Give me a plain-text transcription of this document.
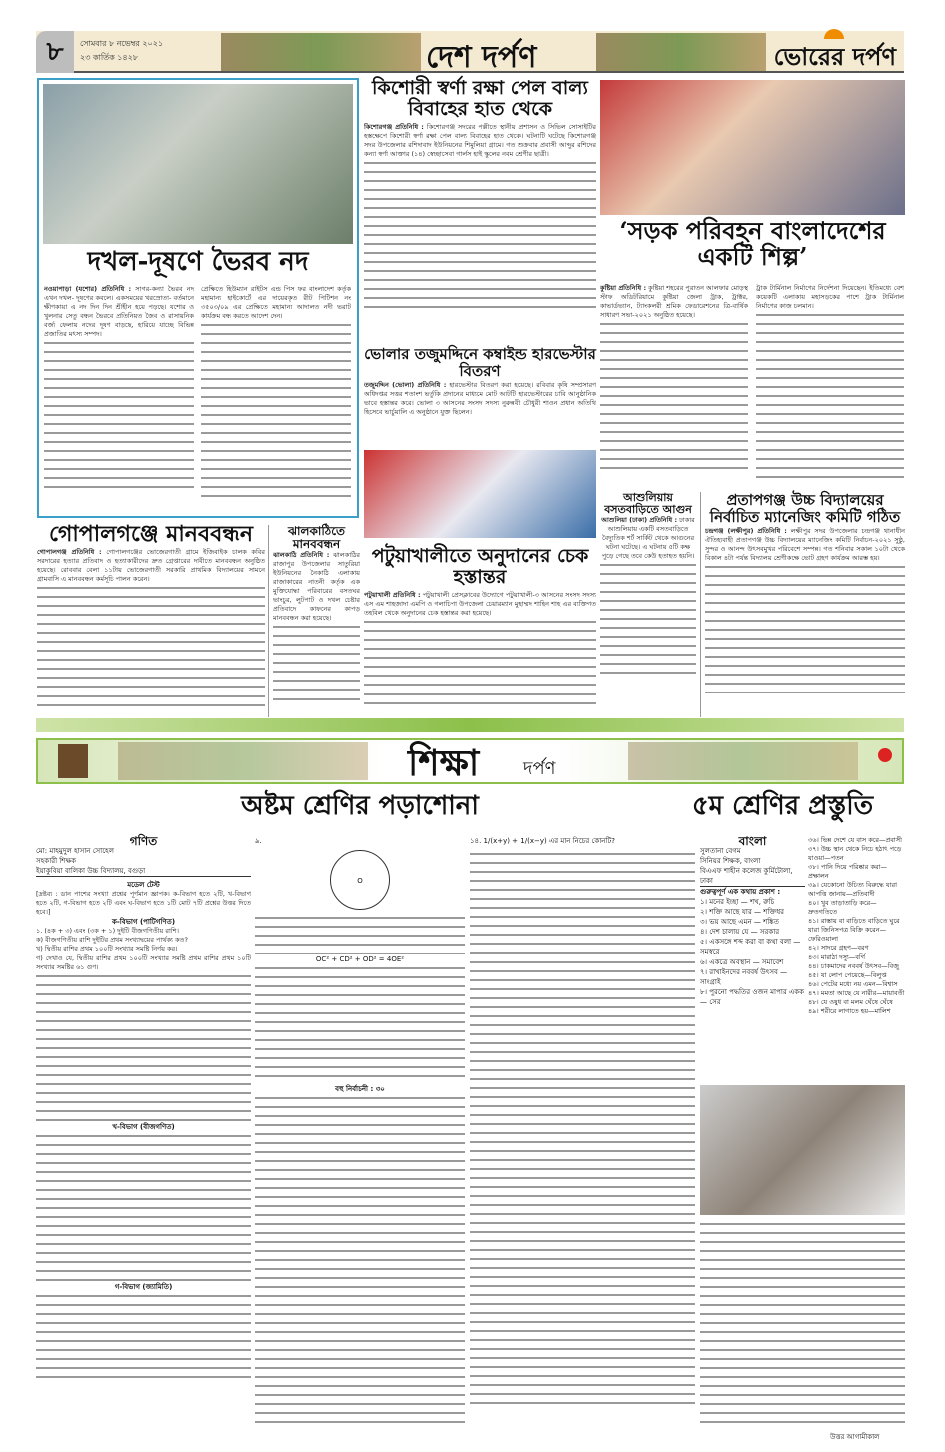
৮	সোমবার ৮ নভেম্বর ২০২১
২৩ কার্তিক ১৪২৮	দেশ দর্পণ	ভোরের দর্পণ
দখল-দূষণে ভৈরব নদ
নওয়াপাড়া (যশোর) প্রতিনিধি : সাগর-কন্যা ভৈরব নদ এখন দখল- দূষণের কবলে। একসময়ের খরস্রোতা- বর্তমানে ক্ষীণকায়া এ নদ দিন দিন শ্রীহীন হয়ে পড়ছে। যশোর ও খুলনার সেতু বন্ধন ভৈরবে প্রতিনিয়ত জৈব ও রাসায়নিক বর্জ্য ফেলায় নদের দূষণ বাড়ছে, হারিয়ে যাচ্ছে বিভিন্ন প্রজাতির মৎস্য সম্পদ।
প্রেক্ষিতে হিউম্যান রাইটস এন্ড পিস ফর বাংলাদেশ কর্তৃক মহামান্য হাইকোর্টে এর দায়েরকৃত রীট পিটিশন নং ৩৫০৩/০৯ এর প্রেক্ষিতে মহামান্য আদালত নদী ভরাট কার্যক্রম বন্ধ করতে আদেশ দেন।
গোপালগঞ্জে মানববন্ধন
গোপালগঞ্জ প্রতিনিধি : গোপালগঞ্জের ভোজেরগাতী গ্রামে ইজিবাইক চালক কবির সরদারের হত্যার প্রতিবাদ ও হত্যাকারীদের দ্রুত গ্রেপ্তারের দাবীতে মানববন্ধন অনুষ্ঠিত হয়েছে। রোববার বেলা ১১টায় ভোজেরগাতী সরকারি প্রাথমিক বিদ্যালয়ের সামনে গ্রামবাসি এ মানববন্ধন কর্মসূচি পালন করেন।
ঝালকাঠিতে মানববন্ধন
ঝালকাঠি প্রতিনিধি : ঝালকাঠির রাজাপুর উপজেলার সাতুরিয়া ইউনিয়নের নৈকাঠি এলাকায় রাজাকারের নাতনী কর্তৃক এক মুক্তিযোদ্ধা পরিবারের বসতঘর ভাংচুর, লুটপাট ও দখল চেষ্টার প্রতিবাদে কাফনের কাপড় মানববন্ধন করা হয়েছে।
কিশোরী স্বর্ণা রক্ষা পেল বাল্য বিবাহের হাত থেকে
কিশোরগঞ্জ প্রতিনিধি : কিশোরগঞ্জ সদরের পল্লীতে স্থানীয় প্রশাসন ও সিভিল সোসাইটির হস্তক্ষেপে কিশোরী স্বর্ণা রক্ষা পেল বাল্য বিবাহের হাত থেকে। ঘটনাটি ঘটেছে কিশোরগঞ্জ সদর উপজেলার রশিদাবাদ ইউনিয়নের শিমুলিয়া গ্রামে। গত শুক্রবার প্রবাসী আব্দুর রশিদের কন্যা স্বর্ণা আক্তার (১৪) স্বেচ্ছাসেবা গার্লস হাই স্কুলের নবম শ্রেণীর ছাত্রী।
ভোলার তজুমদ্দিনে কম্বাইন্ড হারভেস্টার বিতরণ
তজুমদ্দিন (ভোলা) প্রতিনিধি : হারভেস্টার বিতরণ করা হয়েছে। রবিবার কৃষি সম্প্রসারণ অধিদপ্তর সত্তর শতাংশ ভর্তুকি প্রদানের মাধ্যমে মোট আটটি হারভেস্টারের চাবি আনুষ্ঠানিক ভাবে হস্তান্তর করে। ভোলা ৩ আসনের সংসদ সদস্য নুরুন্নবী চৌধুরী শাওন প্রধান অতিথি হিসেবে ভার্চুয়ালি এ অনুষ্ঠানে যুক্ত ছিলেন।
পটুয়াখালীতে অনুদানের চেক হস্তান্তর
পটুয়াখালী প্রতিনিধি : পটুয়াখালী প্রেসক্লাবের উদ্যোগে পটুয়াখালী-৩ আসনের সংসদ সদস্য এস এম শাহজাদা এমপি ও গলাচিপা উপজেলা চেয়ারম্যান মুহাম্মদ শাহিন শাহ এর ব্যক্তিগত তহবিল থেকে অনুদানের চেক হস্তান্তর করা হয়েছে।
‘সড়ক পরিবহন বাংলাদেশের একটি শিল্প’
কুষ্টিয়া প্রতিনিধি : কুষ্টিয়া শহরের পুরাতন আলফার মোড়স্থ স্টাফ অডিটরিয়ামে কুষ্টিয়া জেলা ট্রাক, ট্রাক্টর, কাভার্ডভ্যান, ট্যাংকলরী শ্রমিক ফেডারেশনের ত্রি-বার্ষিক সাধারণ সভা-২০২১ অনুষ্ঠিত হয়েছে।
ট্রাক টার্মিনাল নির্মাণের নির্দেশনা দিয়েছেন। ইতিমধ্যে বেশ কয়েকটি এলাকায় মহাসড়কের পাশে ট্রাক টার্মিনাল নির্মাণের কাজ চলমান।
আশুলিয়ায় বসতবাড়িতে আগুন
আশুলিয়া (ঢাকা) প্রতিনিধি : ঢাকার আশুলিয়ায় একটি বসতবাড়িতে বৈদ্যুতিক শর্ট সার্কিট থেকে আগুনের ঘটনা ঘটেছে। এ ঘটনায় ৫টি কক্ষ পুড়ে গেছে তবে কেউ হতাহত হয়নি।
প্রতাপগঞ্জ উচ্চ বিদ্যালয়ের নির্বাচিত ম্যানেজিং কমিটি গঠিত
চন্দ্রগঞ্জ (লক্ষীপুর) প্রতিনিধি : লক্ষীপুর সদর উপজেলার চন্দ্রগঞ্জ থানাধীন ঐতিহ্যবাহী প্রতাপগঞ্জ উচ্চ বিদ্যালয়ের ম্যানেজিং কমিটি নির্বাচন-২০২১ সুষ্ঠু, সুন্দর ও আনন্দ উৎসবমুখর পরিবেশে সম্পন্ন। গত শনিবার সকাল ১০টা থেকে বিকাল ৪টা পর্যন্ত বিদ্যালয় শ্রেণীকক্ষে ভোট গ্রহণ কার্যক্রম আরম্ভ হয়।
শিক্ষা দর্পণ
অষ্টম শ্রেণির পড়াশোনা	৫ম শ্রেণির প্রস্তুতি
গণিত
মো: মাহমুদুল হাসান সোহেল
সহকারী শিক্ষক
ইয়াকুবিয়া বালিকা উচ্চ বিদ্যালয়, বগুড়া
মডেল টেস্ট
[দ্রষ্টব্য : ডান পাশের সংখ্যা প্রশ্নের পূর্ণমান জ্ঞাপক। ক-বিভাগ হতে ২টি, খ-বিভাগ হতে ২টি, গ-বিভাগ হতে ২টি এবং ঘ-বিভাগ হতে ১টি মোট ৭টি প্রশ্নের উত্তর দিতে হবে।]
ক-বিভাগ (পাটিগণিত)
১. (৪ক + ৩) এবং (৩ক + ১) দুইটি বীজগণিতীয় রাশি।
ক) বীজগণিতীয় রাশি দুইটির প্রথম সংখ্যাদ্বয়ের পার্থক্য কত?
খ) দ্বিতীয় রাশির প্রথম ১০০টি সংখ্যার সমষ্টি নির্ণয় কর।
গ) দেখাও যে, দ্বিতীয় রাশির প্রথম ১০০টি সংখ্যার সমষ্টি প্রথম রাশির প্রথম ১০টি সংখ্যার সমষ্টির ৬১ গুণ।
খ-বিভাগ (বীজগণিত)
গ-বিভাগ (জ্যামিতি)
৯.
O
OC² + CD² + OD² = 4OE²
বহু নির্বাচনী : ৩০
১৪. 1/(x+y) + 1/(x−y) এর মান নিচের কোনটি?	বাংলা
সুলতানা বেগম
সিনিয়র শিক্ষক, বাংলা
বিএএফ শাহীন কলেজ কুর্মিটোলা, ঢাকা
গুরুত্বপূর্ণ এক কথায় প্রকাশ :
১। মনের ইচ্ছা — শখ, রুচি
২। শক্তি আছে যার — শক্তিধর
৩। ভয় আছে এমন — শঙ্কিত
৪। দেশ চালায় যে — সরকার
৫। একসঙ্গে শব্দ করা বা কথা বলা — সমস্বরে
৬। একত্রে অবস্থান — সমাবেশ
৭। রাখাইনদের নববর্ষ উৎসব — সাংগ্রাই
৮। পুরনো পদ্ধতির ওজন মাপার একক — সের
৩৬। ভিন্ন দেশে যে বাস করে—প্রবাসী
৩৭। উচ্চ স্থান থেকে নিচে হঠাৎ পড়ে যাওয়া—পতন
৩৮। পানি দিয়ে পরিষ্কার করা—প্রক্ষালন
৩৯। যেকোনো উচিত্য বিরুদ্ধে যারা আপত্তি জানায়—প্রতিবাদী
৪০। খুব তাড়াতাড়ি করে—দ্রুতগতিতে
৪১। রাস্তায় বা বাড়িতে বাড়িতে ঘুরে যারা জিনিসপত্র বিক্রি করেন—ফেরিওয়ালা
৪২। সাদরে গ্রহণ—বরণ
৪৩। মারাঠা দস্যু—বর্গি
৪৪। চাকমাদের নববর্ষ উৎসব—বিজু
৪৫। যা লোপ পেয়েছে—বিলুপ্ত
৪৬। পেটের মধ্যে নয় এমন—বিশ্বাস
৪৭। মমতা আছে যে নারীর—মায়াবতী
৪৮। যে ওষুধ বা মলম ঘেঁষে ঘেঁষে
৪৯। শরীরে লাগাতে হয়—মালিশ
উত্তর আগামীকাল
